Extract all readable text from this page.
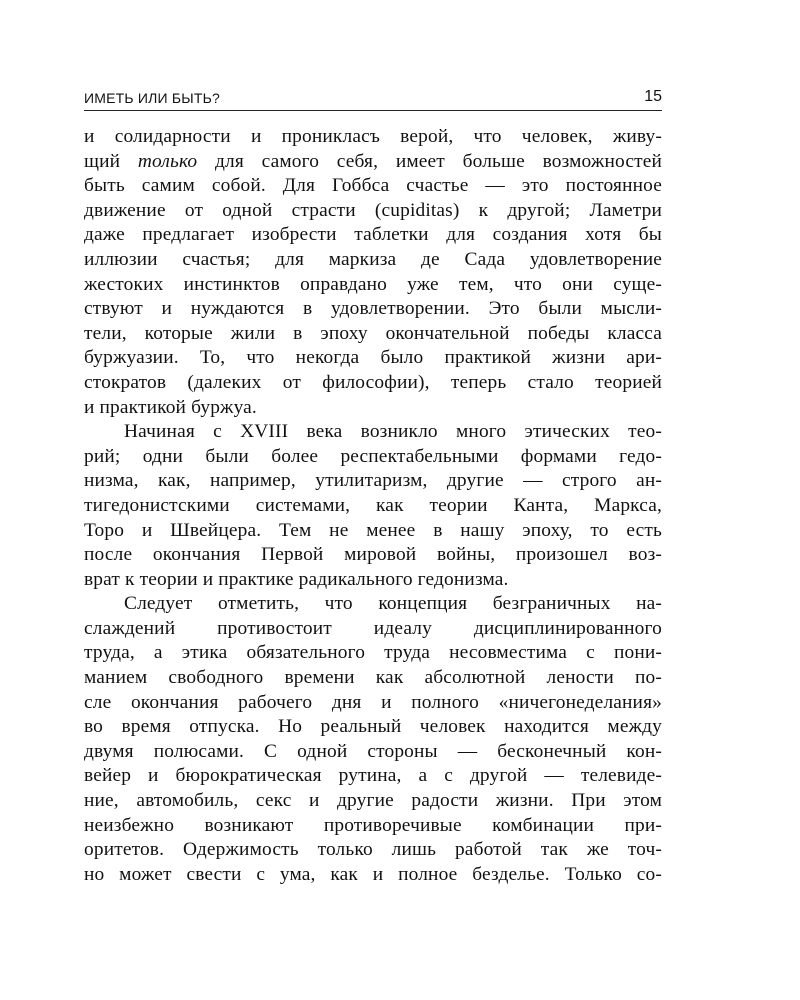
ИМЕТЬ ИЛИ БЫТЬ?	15
и солидарности и проникласъ верой, что человек, живу-
щий только для самого себя, имеет больше возможностей
быть самим собой. Для Гоббса счастье — это постоянное
движение от одной страсти (cupiditas) к другой; Ламетри
даже предлагает изобрести таблетки для создания хотя бы
иллюзии счастья; для маркиза де Сада удовлетворение
жестоких инстинктов оправдано уже тем, что они суще-
ствуют и нуждаются в удовлетворении. Это были мысли-
тели, которые жили в эпоху окончательной победы класса
буржуазии. То, что некогда было практикой жизни ари-
стократов (далеких от философии), теперь стало теорией
и практикой буржуа.
Начиная с XVIII века возникло много этических тео-
рий; одни были более респектабельными формами гедо-
низма, как, например, утилитаризм, другие — строго ан-
тигедонистскими системами, как теории Канта, Маркса,
Торо и Швейцера. Тем не менее в нашу эпоху, то есть
после окончания Первой мировой войны, произошел воз-
врат к теории и практике радикального гедонизма.
Следует отметить, что концепция безграничных на-
слаждений противостоит идеалу дисциплинированного
труда, а этика обязательного труда несовместима с пони-
манием свободного времени как абсолютной лености по-
сле окончания рабочего дня и полного «ничегонеделания»
во время отпуска. Но реальный человек находится между
двумя полюсами. С одной стороны — бесконечный кон-
вейер и бюрократическая рутина, а с другой — телевиде-
ние, автомобиль, секс и другие радости жизни. При этом
неизбежно возникают противоречивые комбинации при-
оритетов. Одержимость только лишь работой так же точ-
но может свести с ума, как и полное безделье. Только со-
